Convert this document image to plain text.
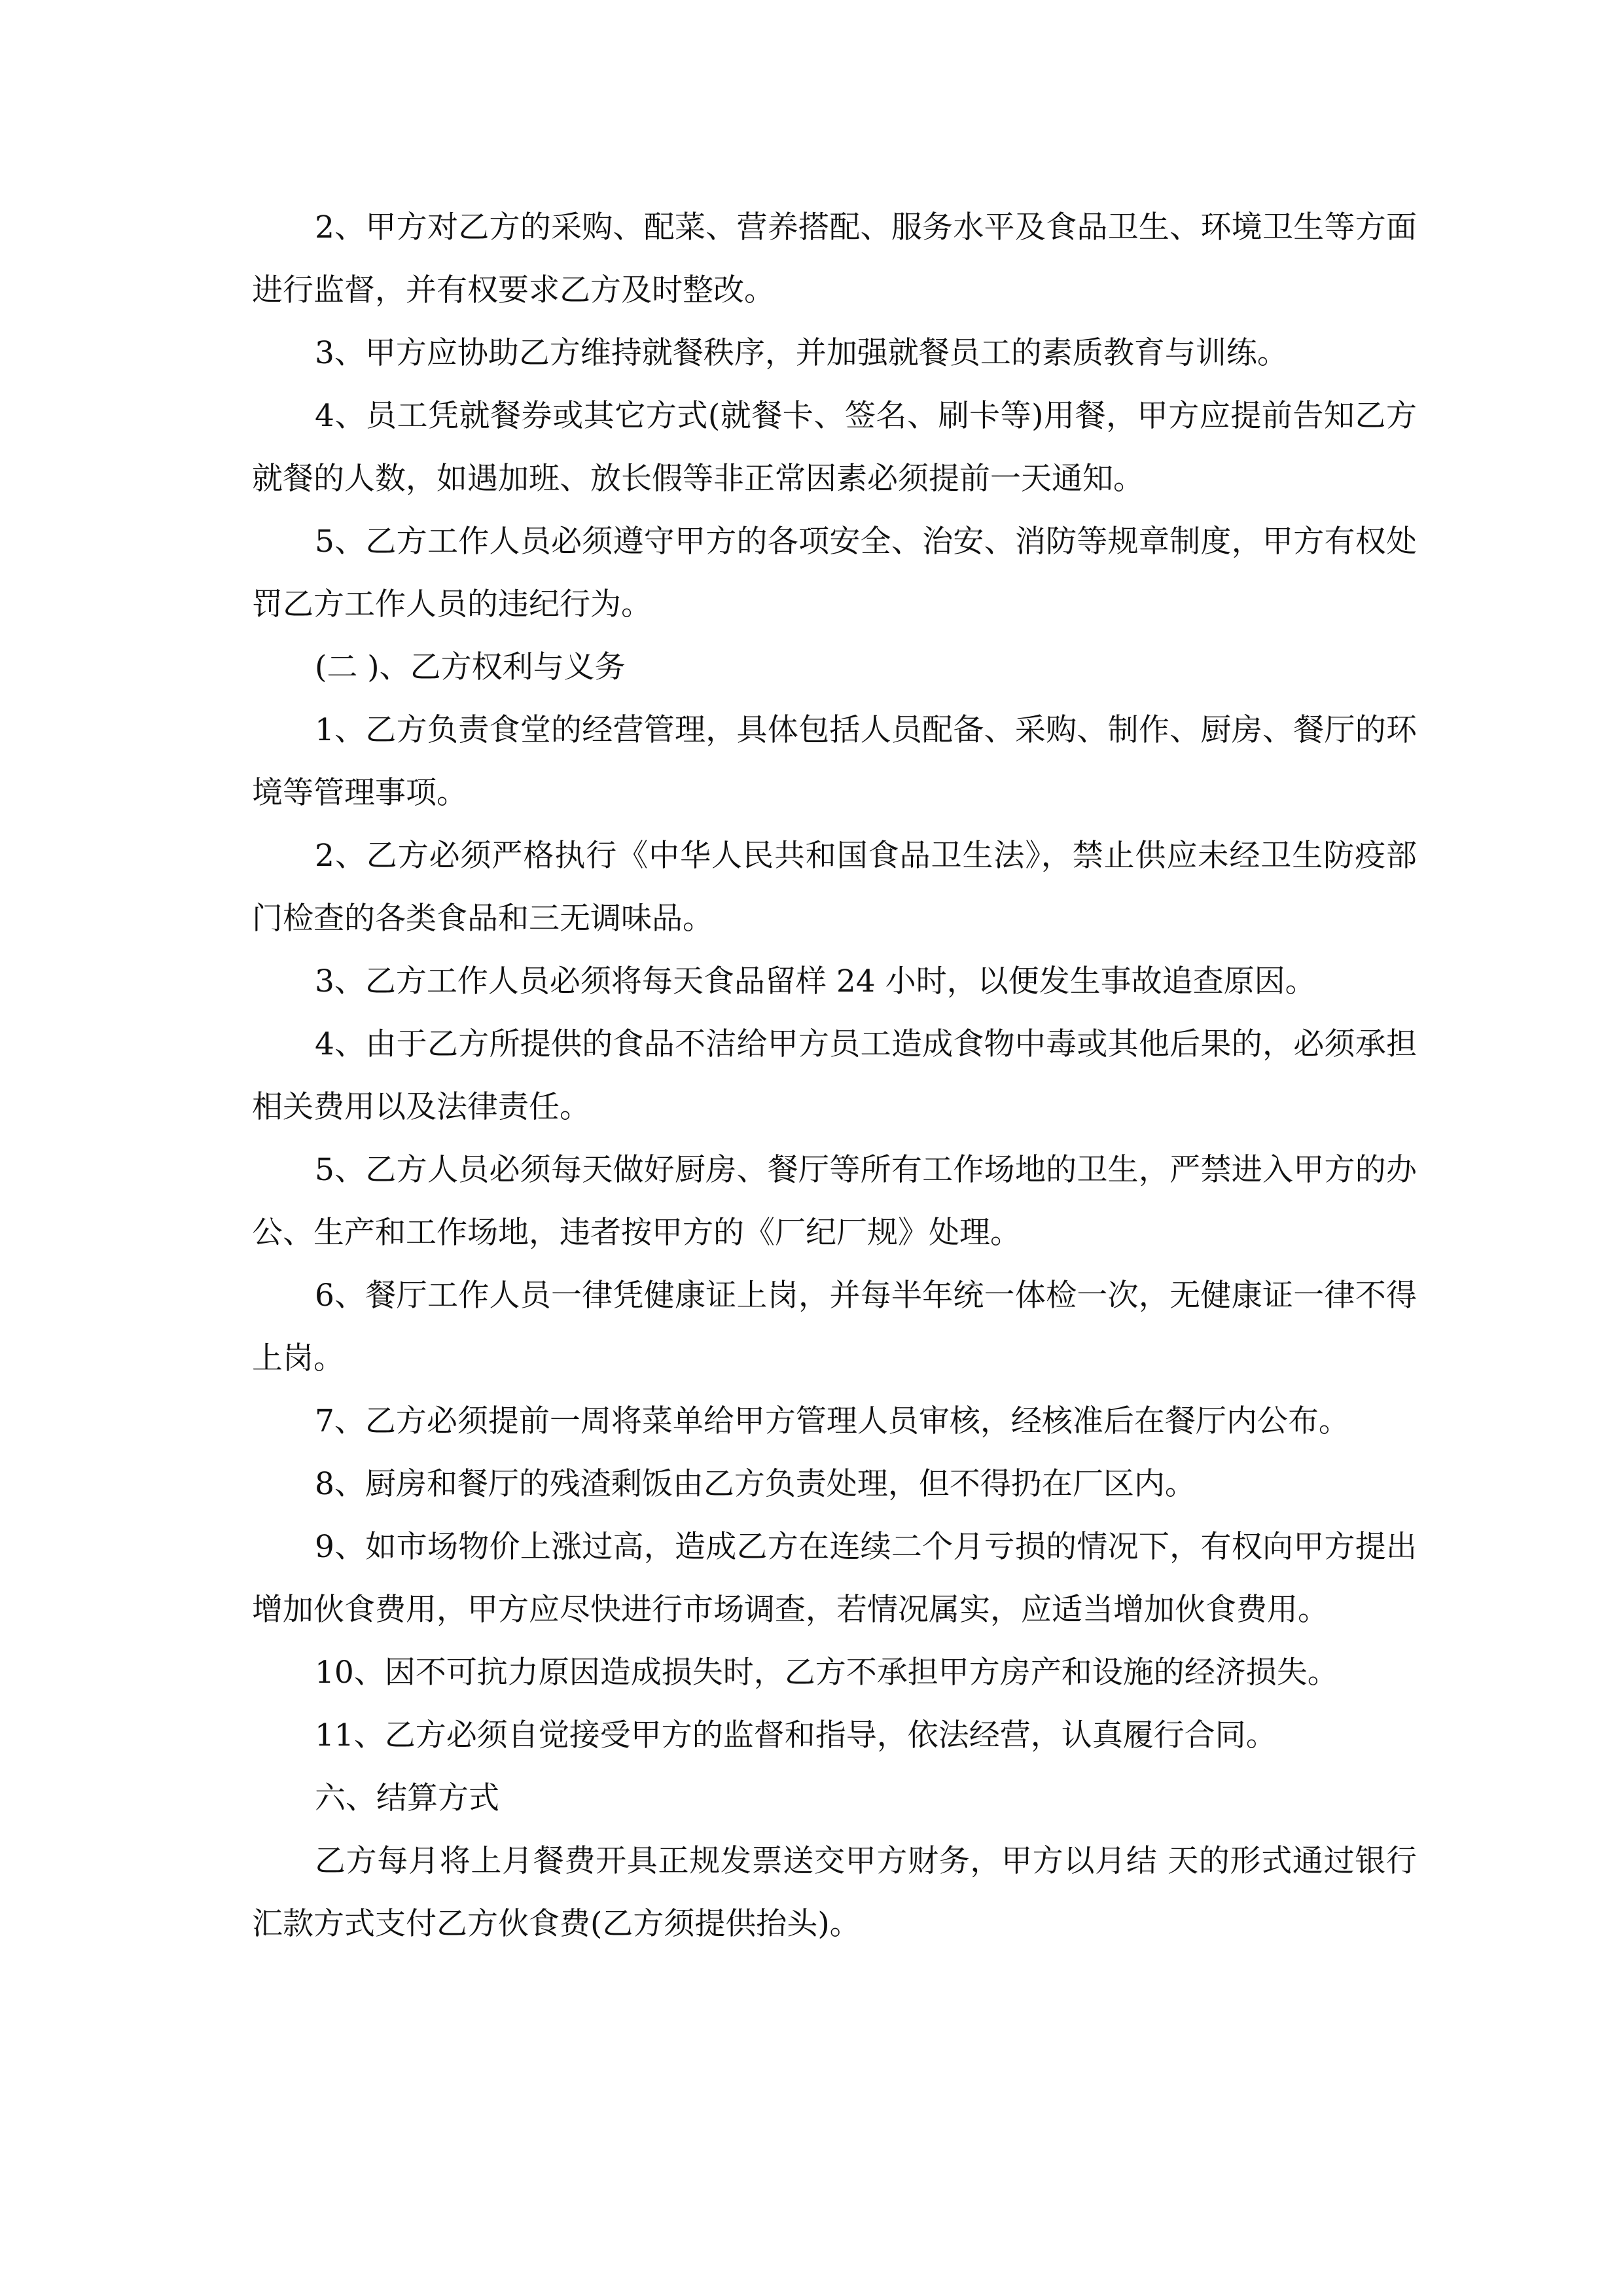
2、甲方对乙方的采购、配菜、营养搭配、服务水平及食品卫生、环境卫生等方面进行监督，并有权要求乙方及时整改。

3、甲方应协助乙方维持就餐秩序，并加强就餐员工的素质教育与训练。

4、员工凭就餐券或其它方式(就餐卡、签名、刷卡等)用餐，甲方应提前告知乙方就餐的人数，如遇加班、放长假等非正常因素必须提前一天通知。

5、乙方工作人员必须遵守甲方的各项安全、治安、消防等规章制度，甲方有权处罚乙方工作人员的违纪行为。

(二 )、乙方权利与义务

1、乙方负责食堂的经营管理，具体包括人员配备、采购、制作、厨房、餐厅的环境等管理事项。

2、乙方必须严格执行《中华人民共和国食品卫生法》，禁止供应未经卫生防疫部门检查的各类食品和三无调味品。

3、乙方工作人员必须将每天食品留样 24 小时，以便发生事故追查原因。

4、由于乙方所提供的食品不洁给甲方员工造成食物中毒或其他后果的，必须承担相关费用以及法律责任。

5、乙方人员必须每天做好厨房、餐厅等所有工作场地的卫生，严禁进入甲方的办公、生产和工作场地，违者按甲方的《厂纪厂规》处理。

6、餐厅工作人员一律凭健康证上岗，并每半年统一体检一次，无健康证一律不得上岗。

7、乙方必须提前一周将菜单给甲方管理人员审核，经核准后在餐厅内公布。

8、厨房和餐厅的残渣剩饭由乙方负责处理，但不得扔在厂区内。

9、如市场物价上涨过高，造成乙方在连续二个月亏损的情况下，有权向甲方提出增加伙食费用，甲方应尽快进行市场调查，若情况属实，应适当增加伙食费用。

10、因不可抗力原因造成损失时，乙方不承担甲方房产和设施的经济损失。

11、乙方必须自觉接受甲方的监督和指导，依法经营，认真履行合同。

六、结算方式

乙方每月将上月餐费开具正规发票送交甲方财务，甲方以月结 天的形式通过银行汇款方式支付乙方伙食费(乙方须提供抬头)。
